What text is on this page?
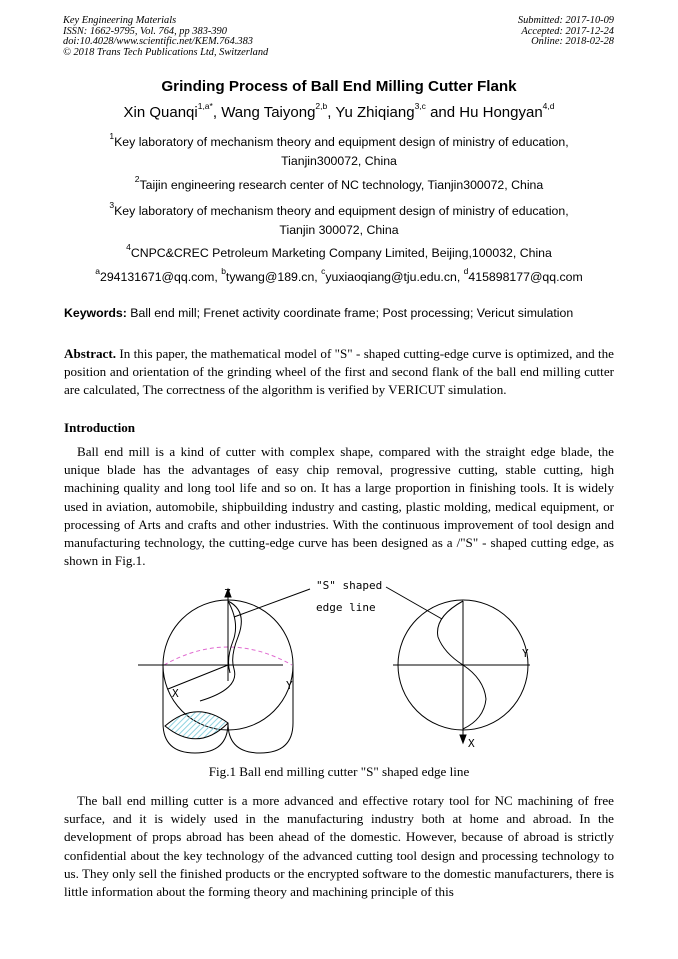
Key Engineering Materials
ISSN: 1662-9795, Vol. 764, pp 383-390
doi:10.4028/www.scientific.net/KEM.764.383
© 2018 Trans Tech Publications Ltd, Switzerland
Submitted: 2017-10-09
Accepted: 2017-12-24
Online: 2018-02-28
Grinding Process of Ball End Milling Cutter Flank
Xin Quanqi$^{1,a*}$, Wang Taiyong$^{2,b}$, Yu Zhiqiang$^{3,c}$ and Hu Hongyan$^{4,d}$
$^1$Key laboratory of mechanism theory and equipment design of ministry of education,
Tianjin300072, China
$^2$Taijin engineering research center of NC technology, Tianjin300072, China
$^3$Key laboratory of mechanism theory and equipment design of ministry of education,
Tianjin 300072, China
$^4$CNPC&CREC Petroleum Marketing Company Limited, Beijing,100032, China
$^a$294131671@qq.com, $^b$tywang@189.cn, $^c$yuxiaoqiang@tju.edu.cn, $^d$415898177@qq.com
Keywords: Ball end mill; Frenet activity coordinate frame; Post processing; Vericut simulation
Abstract. In this paper, the mathematical model of "S" - shaped cutting-edge curve is optimized, and the position and orientation of the grinding wheel of the first and second flank of the ball end milling cutter are calculated, The correctness of the algorithm is verified by VERICUT simulation.
Introduction
Ball end mill is a kind of cutter with complex shape, compared with the straight edge blade, the unique blade has the advantages of easy chip removal, progressive cutting, stable cutting, high machining quality and long tool life and so on. It has a large proportion in finishing tools. It is widely used in aviation, automobile, shipbuilding industry and casting, plastic molding, medical equipment, or processing of Arts and crafts and other industries. With the continuous improvement of tool design and manufacturing technology, the cutting-edge curve has been designed as a /"S" - shaped cutting edge, as shown in Fig.1.
Z
Y
X
"S" shaped
edge line
Y
X
Fig.1 Ball end milling cutter "S" shaped edge line
The ball end milling cutter is a more advanced and effective rotary tool for NC machining of free surface, and it is widely used in the manufacturing industry both at home and abroad. In the development of props abroad has been ahead of the domestic. However, because of abroad is strictly confidential about the key technology of the advanced cutting tool design and processing technology to us. They only sell the finished products or the encrypted software to the domestic manufacturers, there is little information about the forming theory and machining principle of this
